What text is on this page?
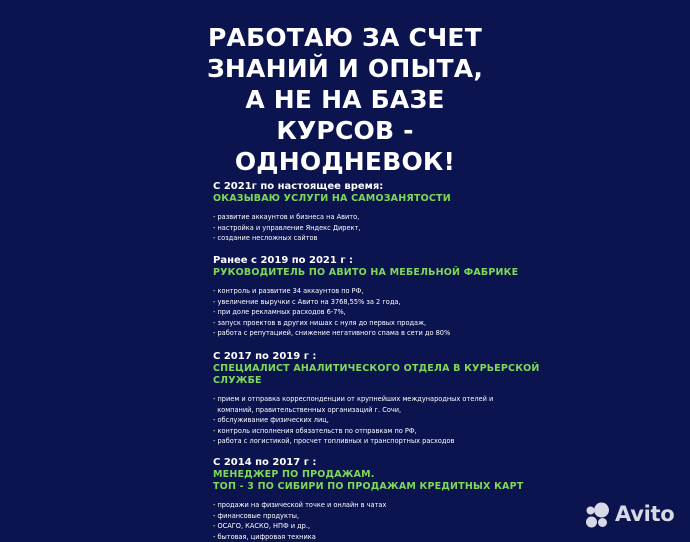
РАБОТАЮ ЗА СЧЕТ
ЗНАНИЙ И ОПЫТА,
А НЕ НА БАЗЕ
КУРСОВ -
ОДНОДНЕВОК!
С 2021г по настоящее время:
ОКАЗЫВАЮ УСЛУГИ НА САМОЗАНЯТОСТИ
- развитие аккаунтов и бизнеса на Авито,
- настройка и управление Яндекс Директ,
- создание несложных сайтов
Ранее с 2019 по 2021 г :
РУКОВОДИТЕЛЬ ПО АВИТО НА МЕБЕЛЬНОЙ ФАБРИКЕ
- контроль и развитие 34 аккаунтов по РФ,
- увеличение выручки с Авито на 3768,55% за 2 года,
- при доле рекламных расходов 6-7%,
- запуск проектов в других нишах с нуля до первых продаж,
- работа с репутацией, снижение негативного спама в сети до 80%
С 2017 по 2019 г :
СПЕЦИАЛИСТ АНАЛИТИЧЕСКОГО ОТДЕЛА В КУРЬЕРСКОЙ
СЛУЖБЕ
- прием и отправка корреспонденции от крупнейших международных отелей и
компаний, правительственных организаций г. Сочи,
- обслуживание физических лиц,
- контроль исполнения обязательств по отправкам по РФ,
- работа с логистикой, просчет топливных и транспортных расходов
С 2014 по 2017 г :
МЕНЕДЖЕР ПО ПРОДАЖАМ.
ТОП - 3 ПО СИБИРИ ПО ПРОДАЖАМ КРЕДИТНЫХ КАРТ
- продажи на физической точке и онлайн в чатах
- финансовые продукты,
- ОСАГО, КАСКО, НПФ и др.,
- бытовая, цифровая техника
Avito
